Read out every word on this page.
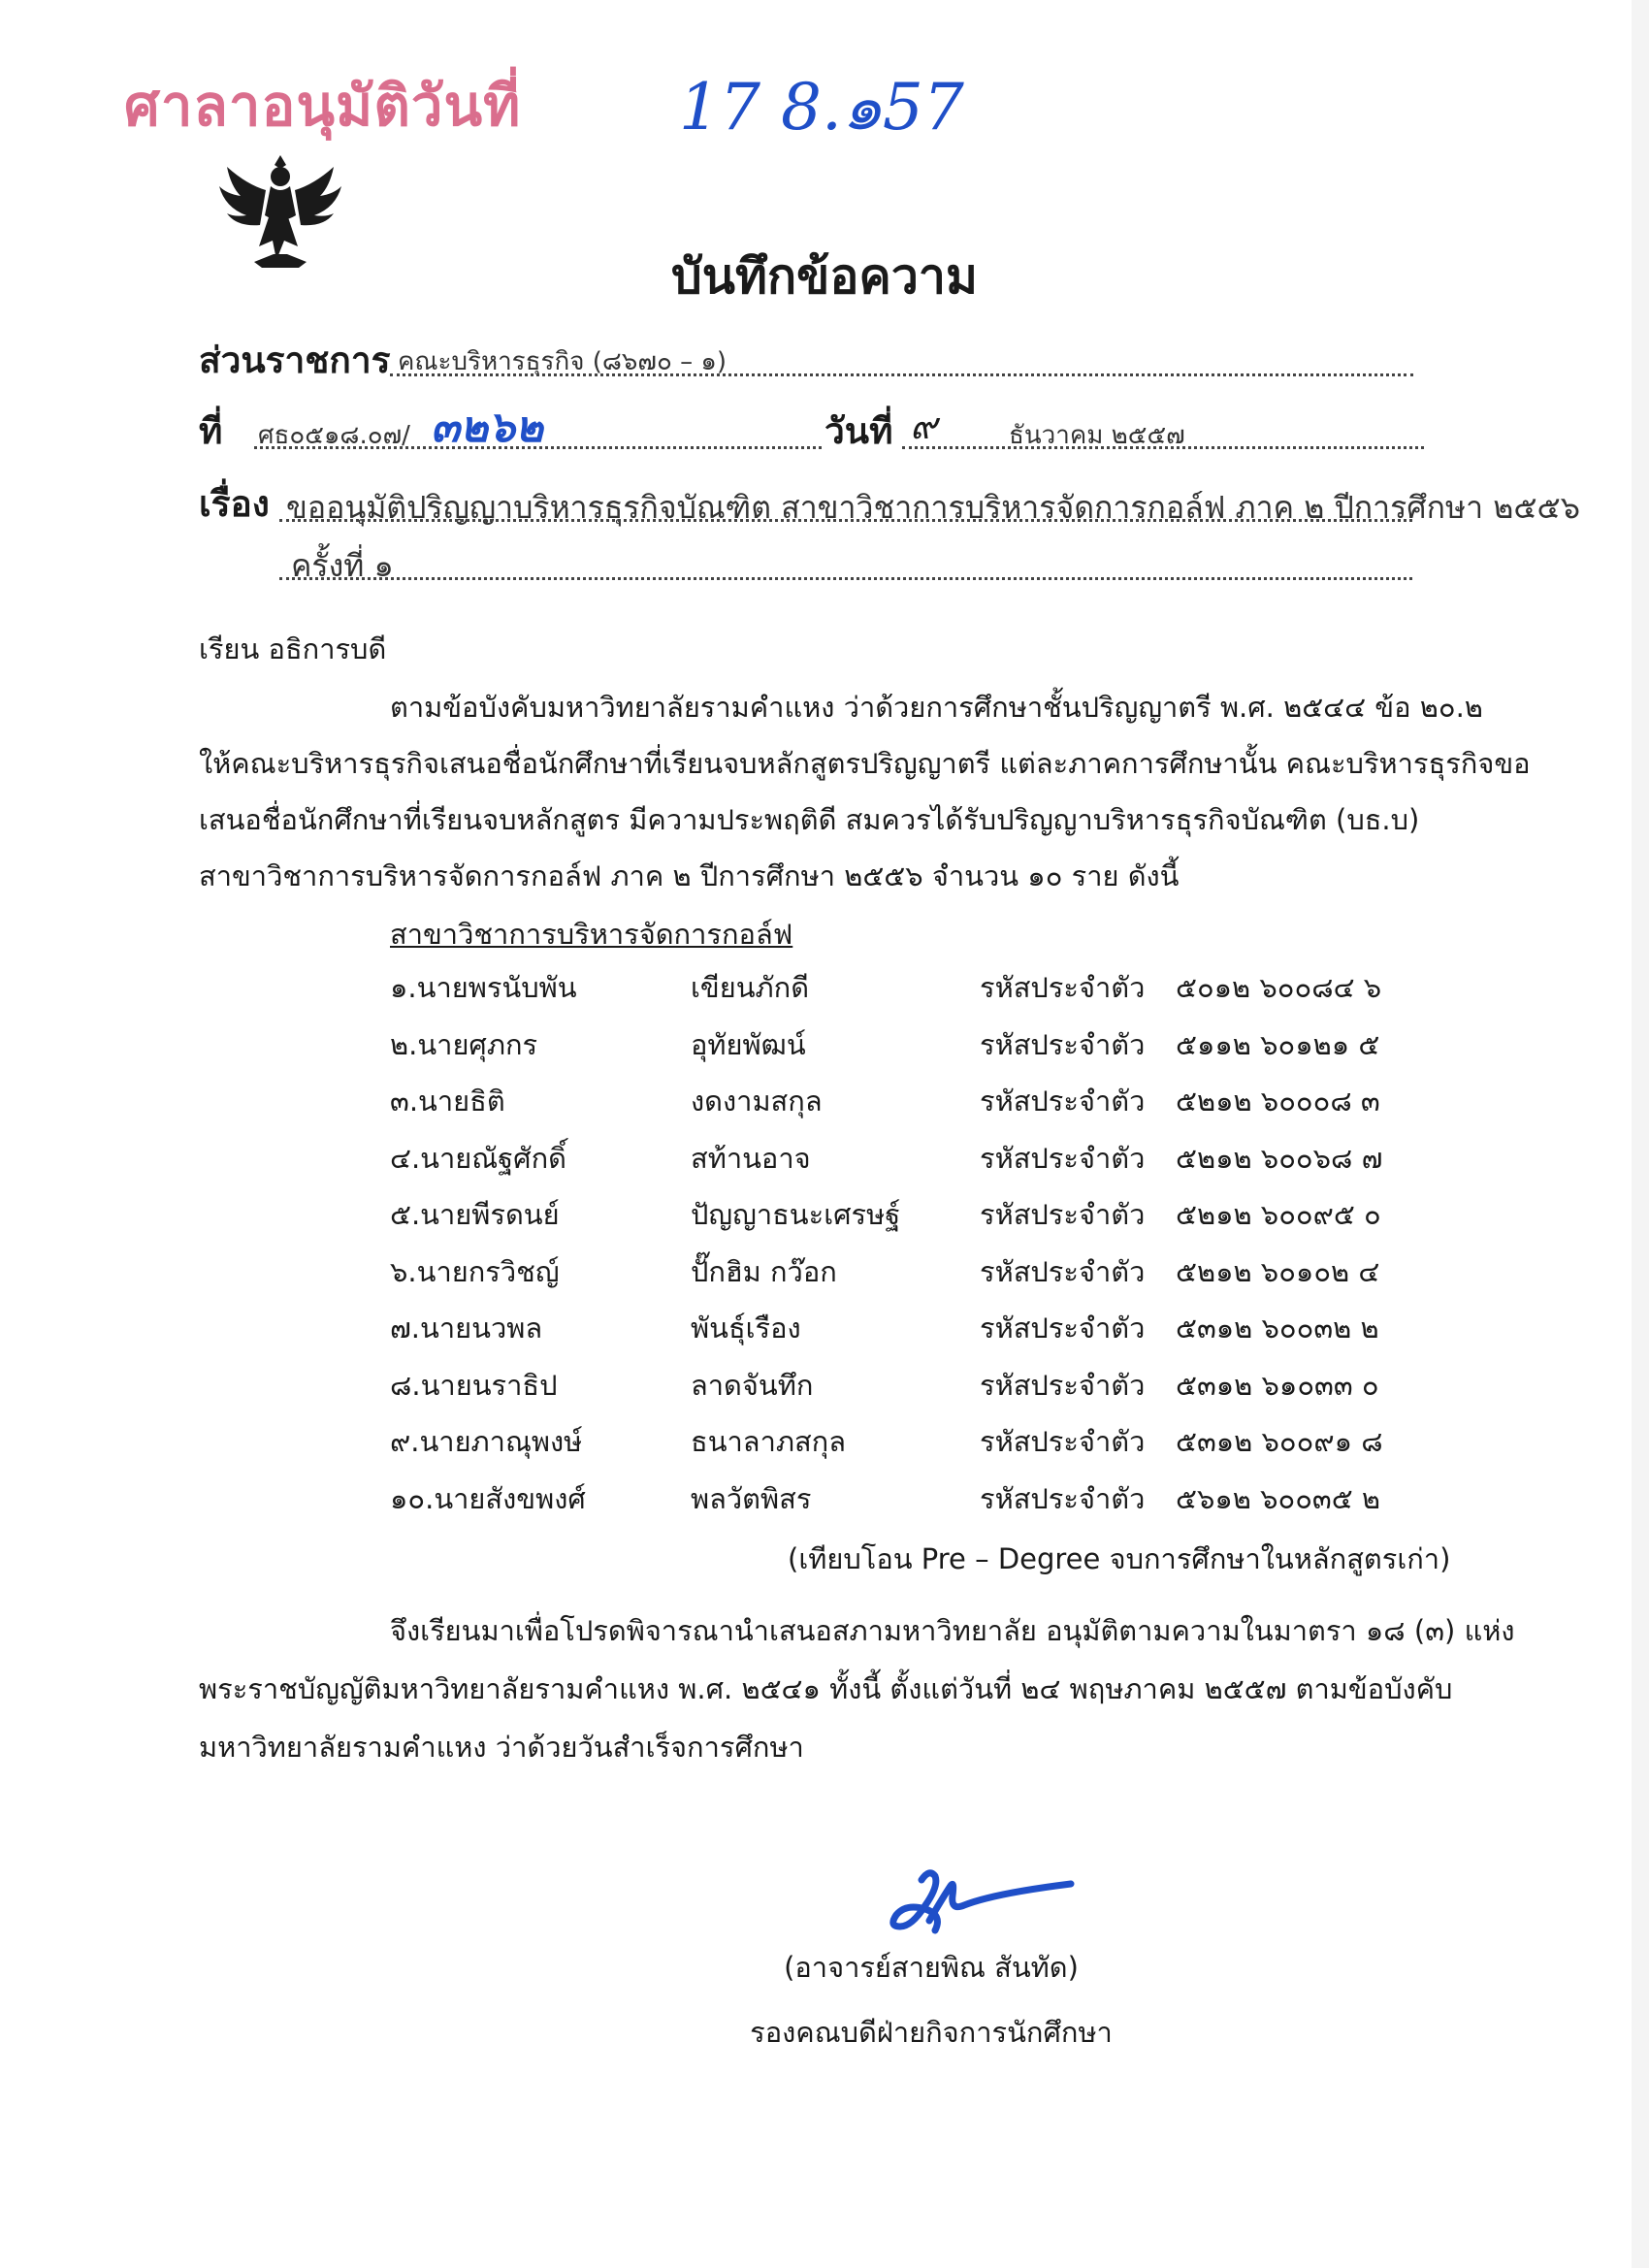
ศาลาอนุมัติวันที่	17 8.๑57
บันทึกข้อความ
ส่วนราชการ คณะบริหารธุรกิจ (๘๖๗๐ – ๑)
ที่ ศธ๐๕๑๘.๐๗/ ๓๒๖๒	วันที่ ๙	ธันวาคม ๒๕๕๗
เรื่อง ขออนุมัติปริญญาบริหารธุรกิจบัณฑิต สาขาวิชาการบริหารจัดการกอล์ฟ ภาค ๒ ปีการศึกษา ๒๕๕๖
ครั้งที่ ๑
เรียน อธิการบดี
ตามข้อบังคับมหาวิทยาลัยรามคำแหง ว่าด้วยการศึกษาชั้นปริญญาตรี พ.ศ. ๒๕๔๔ ข้อ ๒๐.๒
ให้คณะบริหารธุรกิจเสนอชื่อนักศึกษาที่เรียนจบหลักสูตรปริญญาตรี แต่ละภาคการศึกษานั้น คณะบริหารธุรกิจขอ
เสนอชื่อนักศึกษาที่เรียนจบหลักสูตร มีความประพฤติดี สมควรได้รับปริญญาบริหารธุรกิจบัณฑิต (บธ.บ)
สาขาวิชาการบริหารจัดการกอล์ฟ ภาค ๒ ปีการศึกษา ๒๕๕๖ จำนวน ๑๐ ราย ดังนี้
สาขาวิชาการบริหารจัดการกอล์ฟ
๑.นายพรนับพัน	เขียนภักดี	รหัสประจำตัว ๕๐๑๒ ๖๐๐๘๔ ๖
๒.นายศุภกร	อุทัยพัฒน์	รหัสประจำตัว ๕๑๑๒ ๖๐๑๒๑ ๕
๓.นายธิติ	งดงามสกุล	รหัสประจำตัว ๕๒๑๒ ๖๐๐๐๘ ๓
๔.นายณัฐศักดิ์	สท้านอาจ	รหัสประจำตัว ๕๒๑๒ ๖๐๐๖๘ ๗
๕.นายพีรดนย์	ปัญญาธนะเศรษฐ์	รหัสประจำตัว ๕๒๑๒ ๖๐๐๙๕ ๐
๖.นายกรวิชญ์	ปั๊กฮิม กว๊อก	รหัสประจำตัว ๕๒๑๒ ๖๐๑๐๒ ๔
๗.นายนวพล	พันธุ์เรือง	รหัสประจำตัว ๕๓๑๒ ๖๐๐๓๒ ๒
๘.นายนราธิป	ลาดจันทึก	รหัสประจำตัว ๕๓๑๒ ๖๑๐๓๓ ๐
๙.นายภาณุพงษ์	ธนาลาภสกุล	รหัสประจำตัว ๕๓๑๒ ๖๐๐๙๑ ๘
๑๐.นายสังขพงศ์	พลวัตพิสร	รหัสประจำตัว ๕๖๑๒ ๖๐๐๓๕ ๒
(เทียบโอน Pre – Degree จบการศึกษาในหลักสูตรเก่า)
จึงเรียนมาเพื่อโปรดพิจารณานำเสนอสภามหาวิทยาลัย อนุมัติตามความในมาตรา ๑๘ (๓) แห่ง
พระราชบัญญัติมหาวิทยาลัยรามคำแหง พ.ศ. ๒๕๔๑ ทั้งนี้ ตั้งแต่วันที่ ๒๔ พฤษภาคม ๒๕๕๗ ตามข้อบังคับ
มหาวิทยาลัยรามคำแหง ว่าด้วยวันสำเร็จการศึกษา
(อาจารย์สายพิณ สันทัด)
รองคณบดีฝ่ายกิจการนักศึกษา
